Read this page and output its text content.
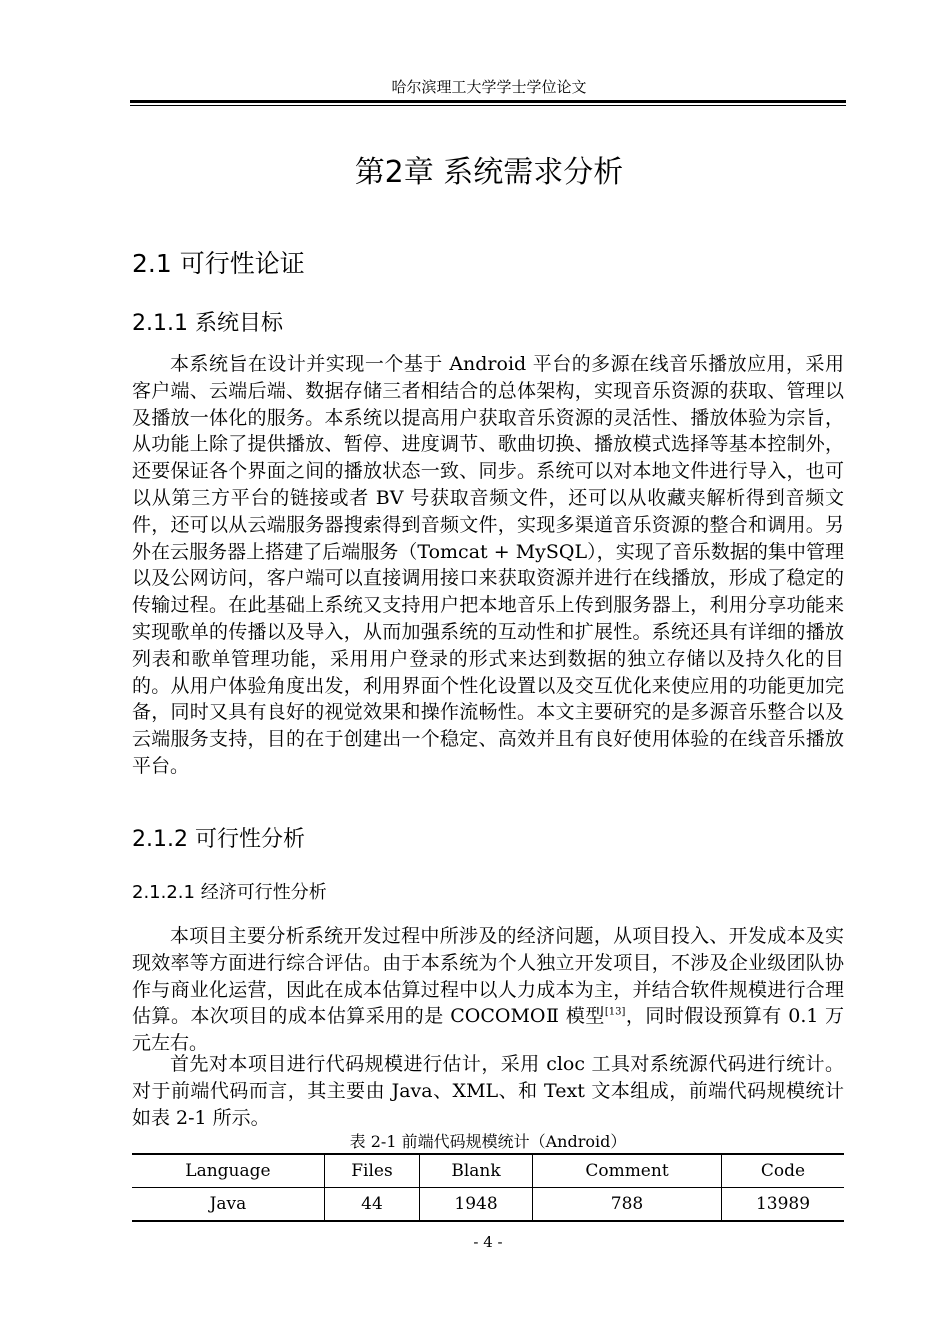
哈尔滨理工大学学士学位论文
第2章 系统需求分析
2.1 可行性论证
2.1.1 系统目标

本系统旨在设计并实现一个基于 Android 平台的多源在线音乐播放应用，采用客户端、云端后端、数据存储三者相结合的总体架构，实现音乐资源的获取、管理以及播放一体化的服务。本系统以提高用户获取音乐资源的灵活性、播放体验为宗旨，从功能上除了提供播放、暂停、进度调节、歌曲切换、播放模式选择等基本控制外，还要保证各个界面之间的播放状态一致、同步。系统可以对本地文件进行导入，也可以从第三方平台的链接或者 BV 号获取音频文件，还可以从收藏夹解析得到音频文件，还可以从云端服务器搜索得到音频文件，实现多渠道音乐资源的整合和调用。另外在云服务器上搭建了后端服务（Tomcat + MySQL），实现了音乐数据的集中管理以及公网访问，客户端可以直接调用接口来获取资源并进行在线播放，形成了稳定的传输过程。在此基础上系统又支持用户把本地音乐上传到服务器上，利用分享功能来实现歌单的传播以及导入，从而加强系统的互动性和扩展性。系统还具有详细的播放列表和歌单管理功能，采用用户登录的形式来达到数据的独立存储以及持久化的目的。从用户体验角度出发，利用界面个性化设置以及交互优化来使应用的功能更加完备，同时又具有良好的视觉效果和操作流畅性。本文主要研究的是多源音乐整合以及云端服务支持，目的在于创建出一个稳定、高效并且有良好使用体验的在线音乐播放平台。

2.1.2 可行性分析
2.1.2.1 经济可行性分析

本项目主要分析系统开发过程中所涉及的经济问题，从项目投入、开发成本及实现效率等方面进行综合评估。由于本系统为个人独立开发项目，不涉及企业级团队协作与商业化运营，因此在成本估算过程中以人力成本为主，并结合软件规模进行合理估算。本次项目的成本估算采用的是 COCOMOⅡ 模型[13]，同时假设预算有 0.1 万元左右。

首先对本项目进行代码规模进行估计，采用 cloc 工具对系统源代码进行统计。对于前端代码而言，其主要由 Java、XML、和 Text 文本组成，前端代码规模统计如表 2-1 所示。

表 2-1 前端代码规模统计（Android）
Language	Files	Blank	Comment	Code
Java	44	1948	788	13989
- 4 -
